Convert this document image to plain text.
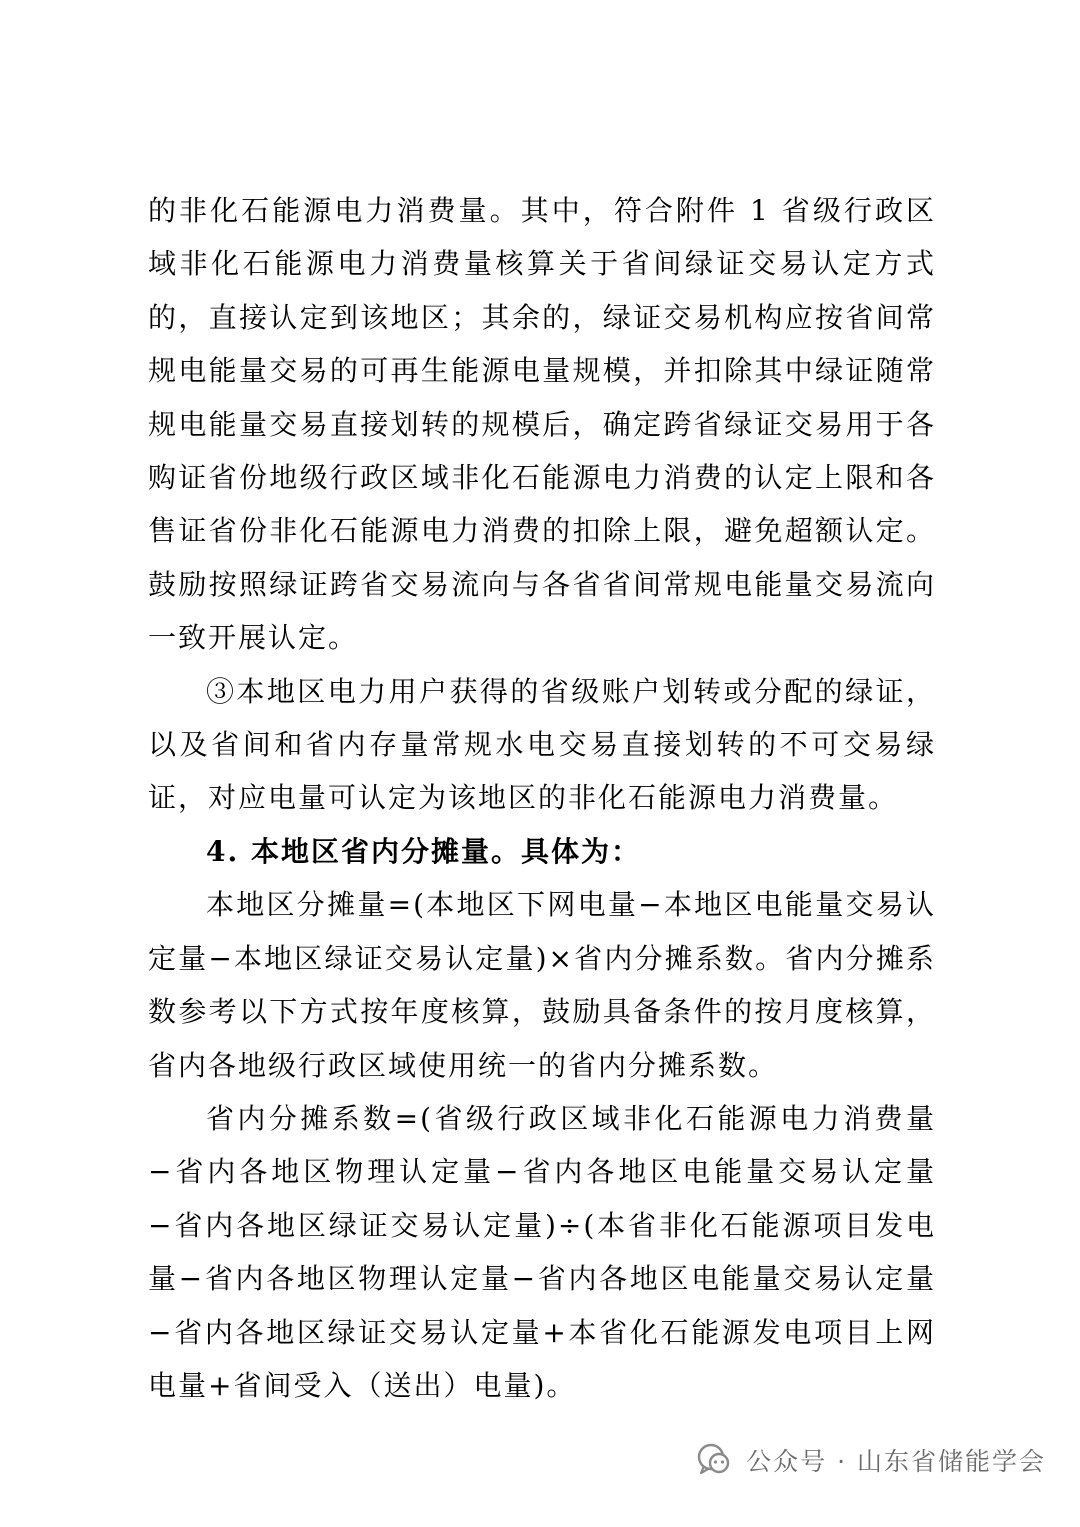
的非化石能源电力消费量。其中，符合附件 1 省级行政区域非化石能源电力消费量核算关于省间绿证交易认定方式的，直接认定到该地区；其余的，绿证交易机构应按省间常规电能量交易的可再生能源电量规模，并扣除其中绿证随常规电能量交易直接划转的规模后，确定跨省绿证交易用于各购证省份地级行政区域非化石能源电力消费的认定上限和各售证省份非化石能源电力消费的扣除上限，避免超额认定。鼓励按照绿证跨省交易流向与各省省间常规电能量交易流向一致开展认定。

③本地区电力用户获得的省级账户划转或分配的绿证，以及省间和省内存量常规水电交易直接划转的不可交易绿证，对应电量可认定为该地区的非化石能源电力消费量。

4. 本地区省内分摊量。具体为：

本地区分摊量=(本地区下网电量−本地区电能量交易认定量−本地区绿证交易认定量)×省内分摊系数。省内分摊系数参考以下方式按年度核算，鼓励具备条件的按月度核算，省内各地级行政区域使用统一的省内分摊系数。

省内分摊系数=(省级行政区域非化石能源电力消费量−省内各地区物理认定量−省内各地区电能量交易认定量−省内各地区绿证交易认定量)÷(本省非化石能源项目发电量−省内各地区物理认定量−省内各地区电能量交易认定量−省内各地区绿证交易认定量+本省化石能源发电项目上网电量+省间受入（送出）电量)。

公众号 · 山东省储能学会
